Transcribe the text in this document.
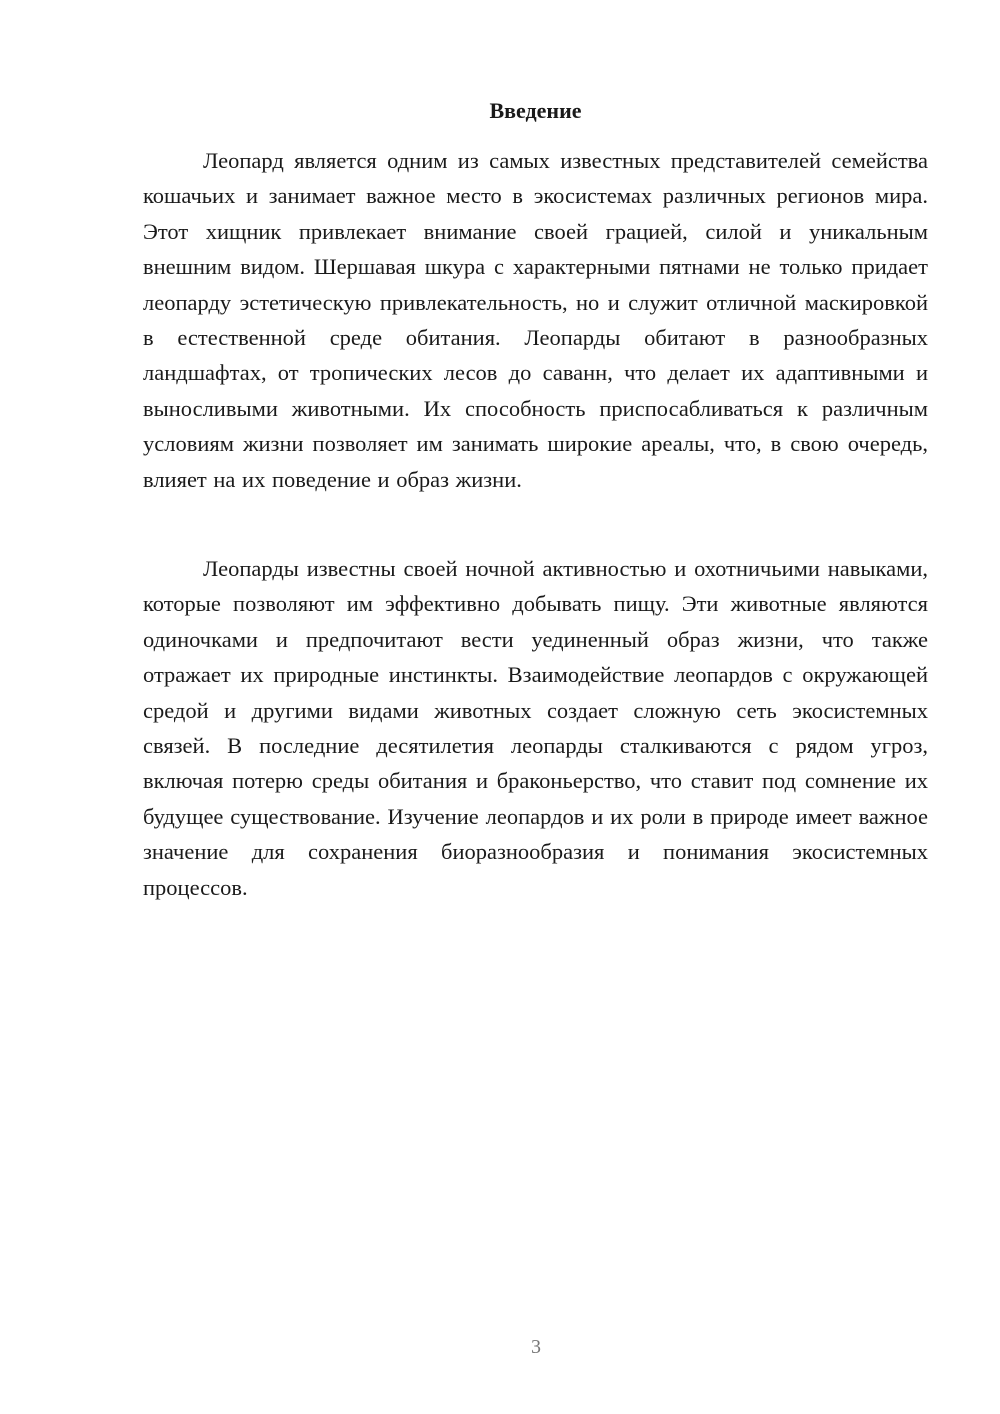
Введение

Леопард является одним из самых известных представителей семейства кошачьих и занимает важное место в экосистемах различных регионов мира. Этот хищник привлекает внимание своей грацией, силой и уникальным внешним видом. Шершавая шкура с характерными пятнами не только придает леопарду эстетическую привлекательность, но и служит отличной маскировкой в естественной среде обитания. Леопарды обитают в разнообразных ландшафтах, от тропических лесов до саванн, что делает их адаптивными и выносливыми животными. Их способность приспосабливаться к различным условиям жизни позволяет им занимать широкие ареалы, что, в свою очередь, влияет на их поведение и образ жизни.

Леопарды известны своей ночной активностью и охотничьими навыками, которые позволяют им эффективно добывать пищу. Эти животные являются одиночками и предпочитают вести уединенный образ жизни, что также отражает их природные инстинкты. Взаимодействие леопардов с окружающей средой и другими видами животных создает сложную сеть экосистемных связей. В последние десятилетия леопарды сталкиваются с рядом угроз, включая потерю среды обитания и браконьерство, что ставит под сомнение их будущее существование. Изучение леопардов и их роли в природе имеет важное значение для сохранения биоразнообразия и понимания экосистемных процессов.

3
